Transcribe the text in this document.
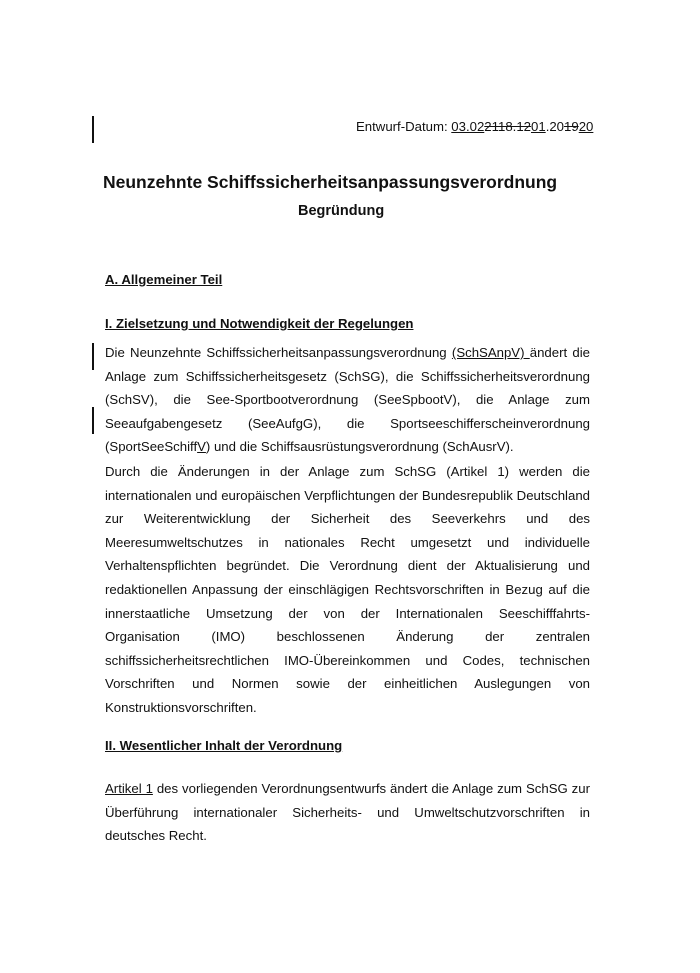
Entwurf-Datum: 03.022118.1201.201920
Neunzehnte Schiffssicherheitsanpassungsverordnung
Begründung
A. Allgemeiner Teil
I. Zielsetzung und Notwendigkeit der Regelungen
Die Neunzehnte Schiffssicherheitsanpassungsverordnung (SchSAnpV) ändert die Anlage zum Schiffssicherheitsgesetz (SchSG), die Schiffssicherheitsverordnung (SchSV), die See-Sportbootverordnung (SeeSpbootV), die Anlage zum Seeaufgabengesetz (SeeAufgG), die Sportseeschifferscheinverordnung (SportSeeSchiffV) und die Schiffsausrüstungsverordnung (SchAusrV).
Durch die Änderungen in der Anlage zum SchSG (Artikel 1) werden die internationalen und europäischen Verpflichtungen der Bundesrepublik Deutschland zur Weiterentwicklung der Sicherheit des Seeverkehrs und des Meeresumweltschutzes in nationales Recht umgesetzt und individuelle Verhaltenspflichten begründet. Die Verordnung dient der Aktualisierung und redaktionellen Anpassung der einschlägigen Rechtsvorschriften in Bezug auf die innerstaatliche Umsetzung der von der Internationalen Seeschifffahrts-Organisation (IMO) beschlossenen Änderung der zentralen schiffssicherheitsrechtlichen IMO-Übereinkommen und Codes, technischen Vorschriften und Normen sowie der einheitlichen Auslegungen von Konstruktionsvorschriften.
II. Wesentlicher Inhalt der Verordnung
Artikel 1 des vorliegenden Verordnungsentwurfs ändert die Anlage zum SchSG zur Überführung internationaler Sicherheits- und Umweltschutzvorschriften in deutsches Recht.
